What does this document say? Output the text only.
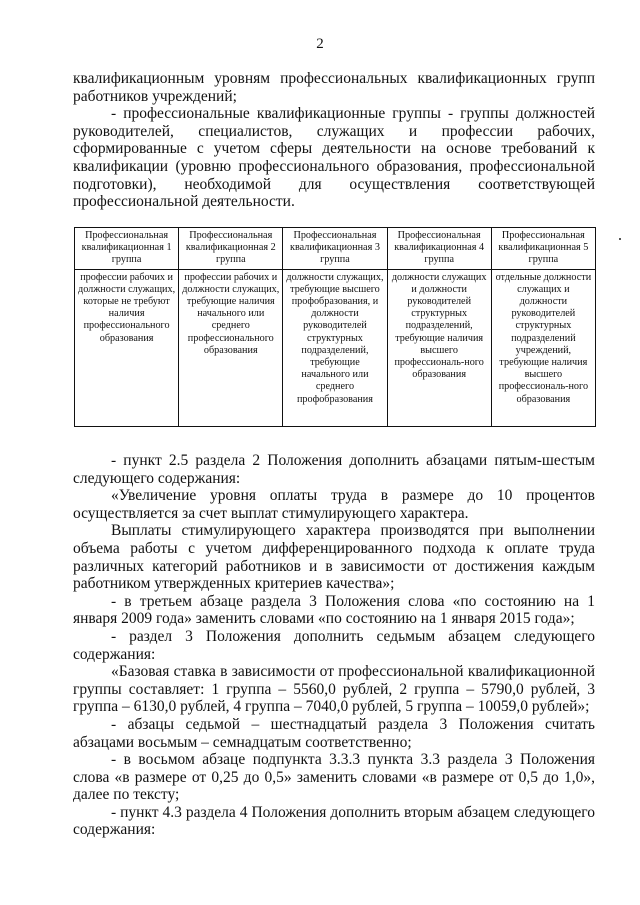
2

квалификационным уровням профессиональных квалификационных групп работников учреждений;

- профессиональные квалификационные группы - группы должностей руководителей, специалистов, служащих и профессии рабочих, сформированные с учетом сферы деятельности на основе требований к квалификации (уровню профессионального образования, профессиональной подготовки), необходимой для осуществления соответствующей профессиональной деятельности.

Профессиональная квалификационная 1 группа	Профессиональная квалификационная 2 группа	Профессиональная квалификационная 3 группа	Профессиональная квалификационная 4 группа	Профессиональная квалификационная 5 группа
профессии рабочих и должности служащих, которые не требуют наличия профессионального образования	профессии рабочих и должности служащих, требующие наличия начального или среднего профессионального образования	должности служащих, требующие высшего профобразования, и должности руководителей структурных подразделений, требующие начального или среднего профобразования	должности служащих и должности руководителей структурных подразделений, требующие наличия высшего профессиональ-ного образования	отдельные должности служащих и должности руководителей структурных подразделений учреждений, требующие наличия высшего профессиональ-ного образования

- пункт 2.5 раздела 2 Положения дополнить абзацами пятым-шестым следующего содержания:

«Увеличение уровня оплаты труда в размере до 10 процентов осуществляется за счет выплат стимулирующего характера.

Выплаты стимулирующего характера производятся при выполнении объема работы с учетом дифференцированного подхода к оплате труда различных категорий работников и в зависимости от достижения каждым работником утвержденных критериев качества»;

- в третьем абзаце раздела 3 Положения слова «по состоянию на 1 января 2009 года» заменить словами «по состоянию на 1 января 2015 года»;

- раздел 3 Положения дополнить седьмым абзацем следующего содержания:

«Базовая ставка в зависимости от профессиональной квалификационной группы составляет: 1 группа – 5560,0 рублей, 2 группа – 5790,0 рублей, 3 группа – 6130,0 рублей, 4 группа – 7040,0 рублей, 5 группа – 10059,0 рублей»;

- абзацы седьмой – шестнадцатый раздела 3 Положения считать абзацами восьмым – семнадцатым соответственно;

- в восьмом абзаце подпункта 3.3.3 пункта 3.3 раздела 3 Положения слова «в размере от 0,25 до 0,5» заменить словами «в размере от 0,5 до 1,0», далее по тексту;

- пункт 4.3 раздела 4 Положения дополнить вторым абзацем следующего содержания:
